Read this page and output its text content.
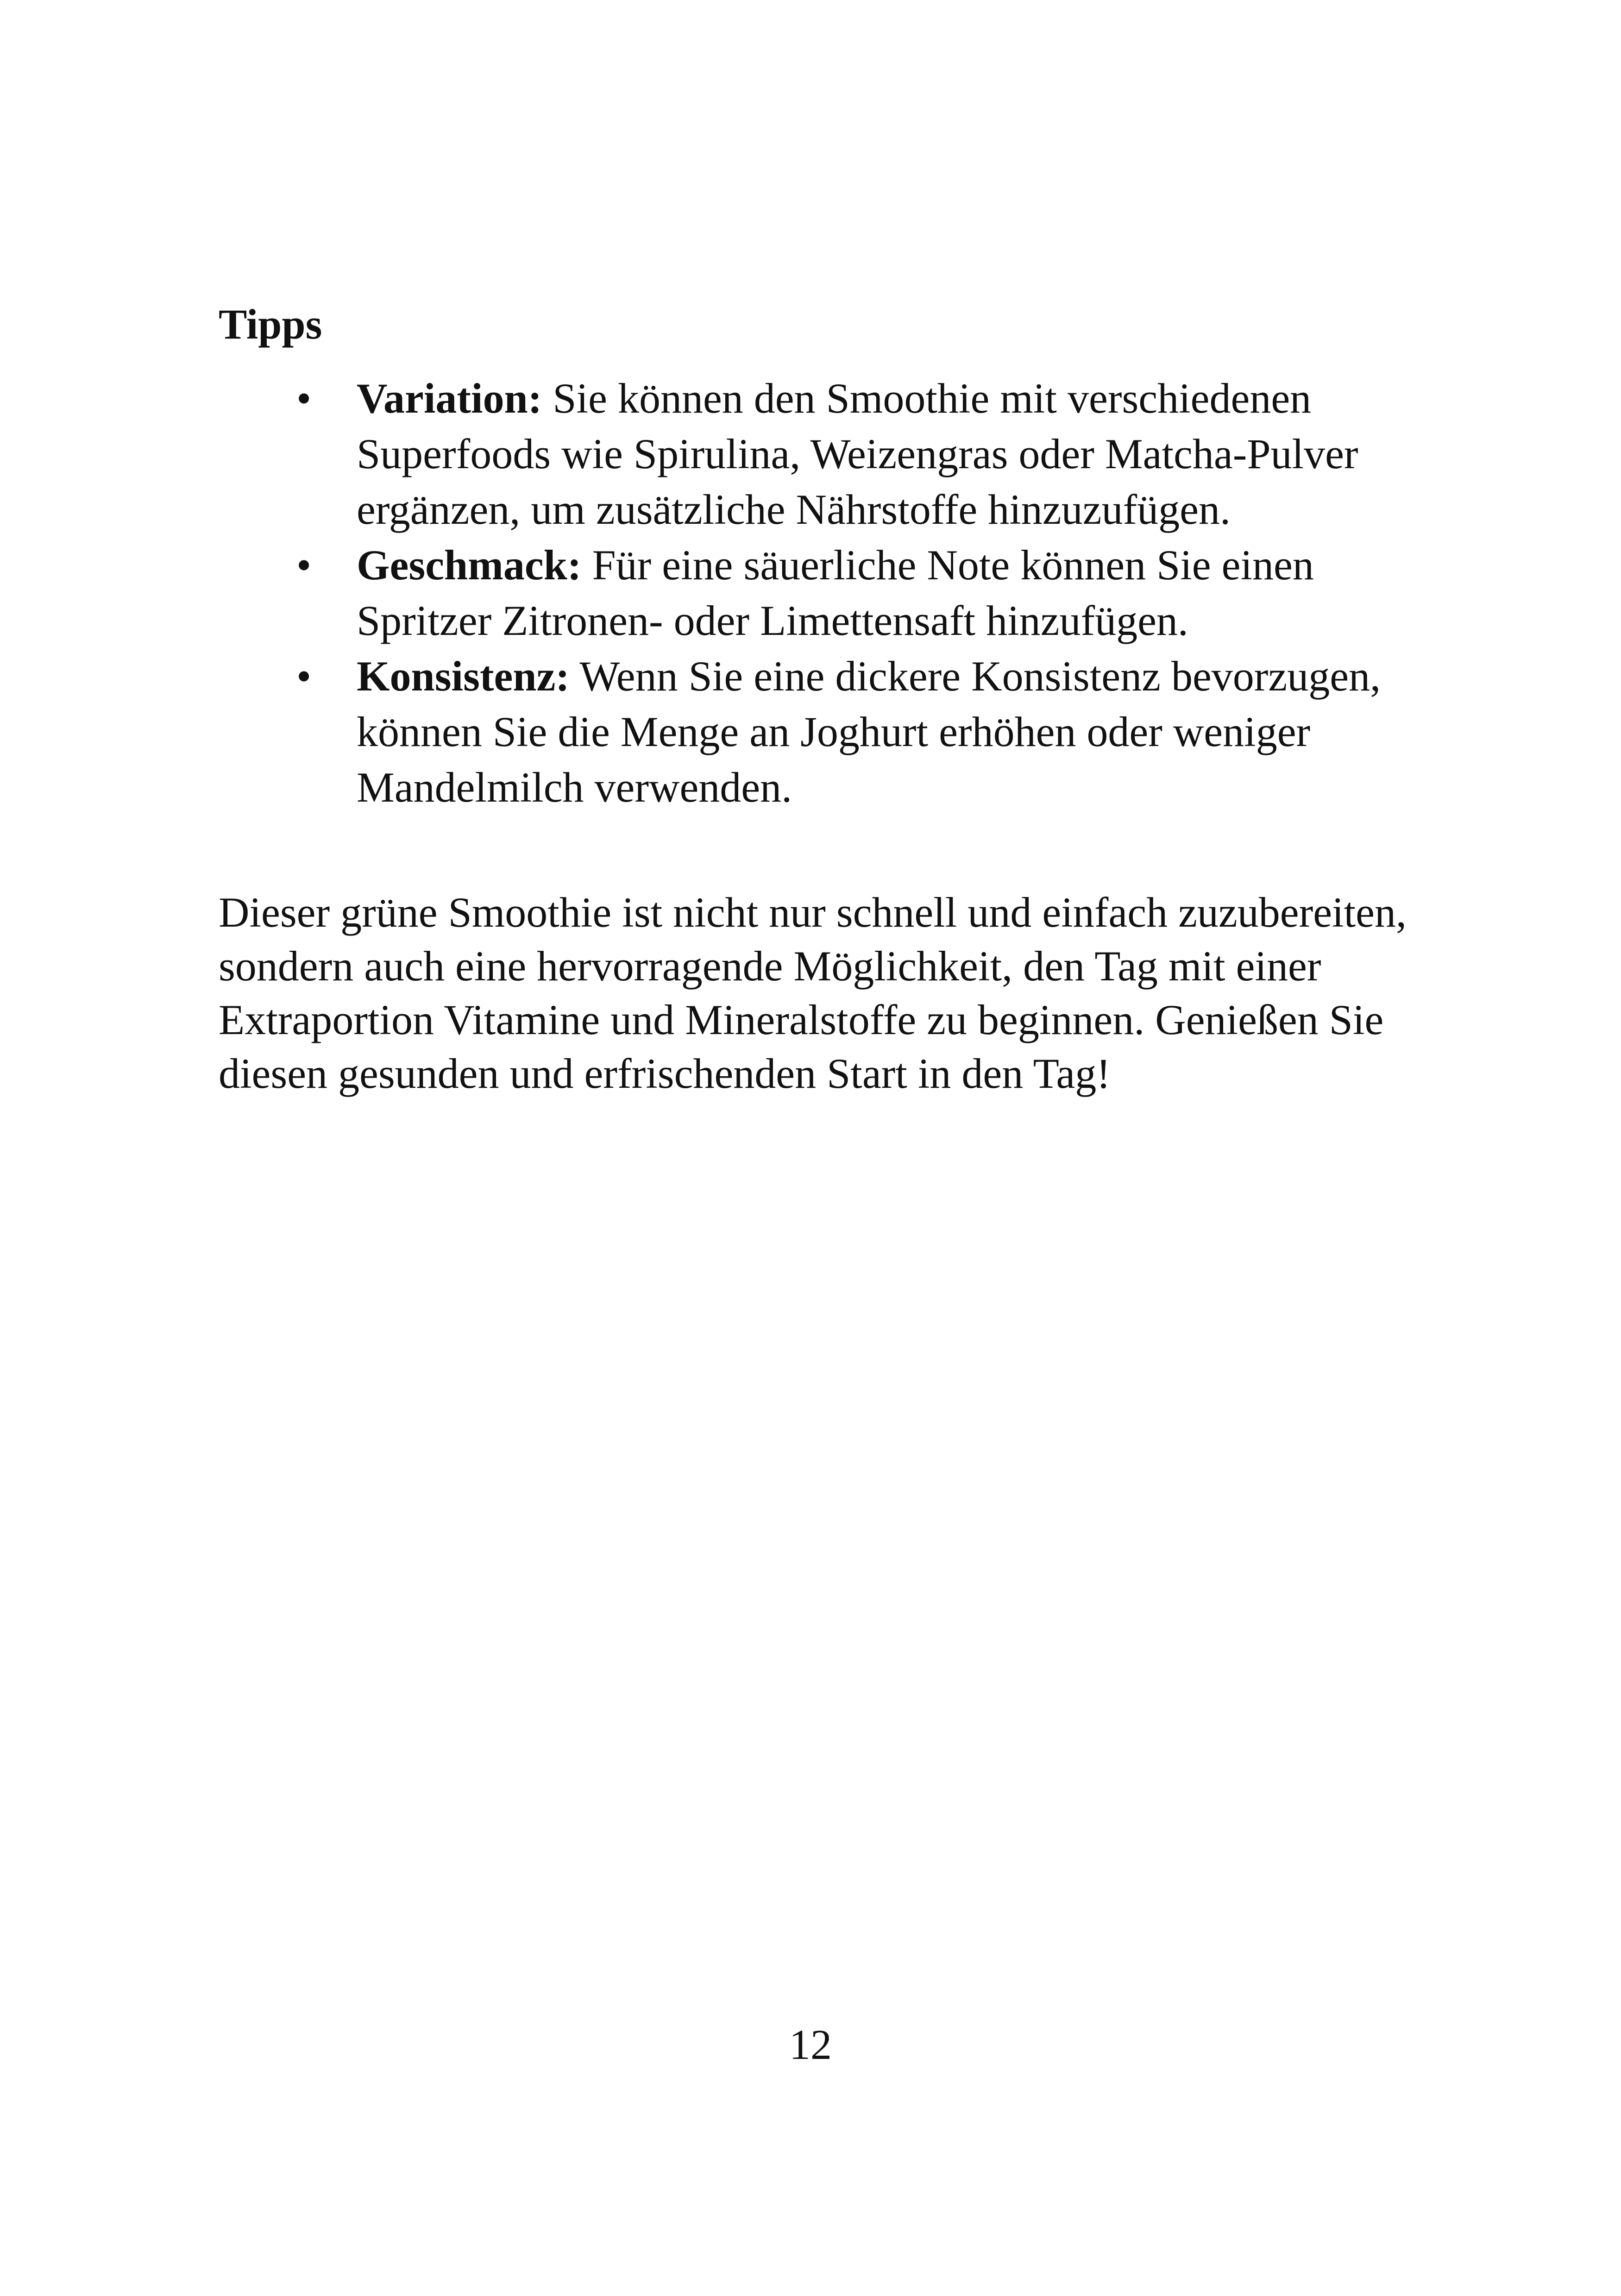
Tipps
• Variation: Sie können den Smoothie mit verschiedenen Superfoods wie Spirulina, Weizengras oder Matcha-Pulver ergänzen, um zusätzliche Nährstoffe hinzuzufügen.
• Geschmack: Für eine säuerliche Note können Sie einen Spritzer Zitronen- oder Limettensaft hinzufügen.
• Konsistenz: Wenn Sie eine dickere Konsistenz bevorzugen, können Sie die Menge an Joghurt erhöhen oder weniger Mandelmilch verwenden.

Dieser grüne Smoothie ist nicht nur schnell und einfach zuzubereiten, sondern auch eine hervorragende Möglichkeit, den Tag mit einer Extraportion Vitamine und Mineralstoffe zu beginnen. Genießen Sie diesen gesunden und erfrischenden Start in den Tag!

12
